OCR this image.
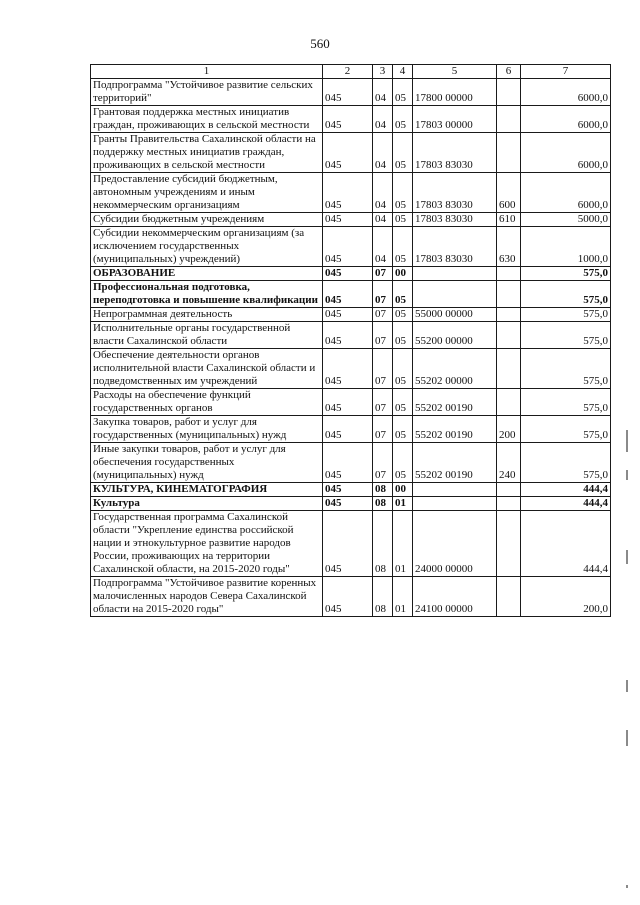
560
1	2	3	4	5	6	7
Подпрограмма "Устойчивое развитие сельских территорий"	045	04	05	17800 00000		6000,0
Грантовая поддержка местных инициатив граждан, проживающих в сельской местности	045	04	05	17803 00000		6000,0
Гранты Правительства Сахалинской области на поддержку местных инициатив граждан, проживающих в сельской местности	045	04	05	17803 83030		6000,0
Предоставление субсидий бюджетным, автономным учреждениям и иным некоммерческим организациям	045	04	05	17803 83030	600	6000,0
Субсидии бюджетным учреждениям	045	04	05	17803 83030	610	5000,0
Субсидии некоммерческим организациям (за исключением государственных (муниципальных) учреждений)	045	04	05	17803 83030	630	1000,0
ОБРАЗОВАНИЕ	045	07	00			575,0
Профессиональная подготовка, переподготовка и повышение квалификации	045	07	05			575,0
Непрограммная деятельность	045	07	05	55000 00000		575,0
Исполнительные органы государственной власти Сахалинской области	045	07	05	55200 00000		575,0
Обеспечение деятельности органов исполнительной власти Сахалинской области и подведомственных им учреждений	045	07	05	55202 00000		575,0
Расходы на обеспечение функций государственных органов	045	07	05	55202 00190		575,0
Закупка товаров, работ и услуг для государственных (муниципальных) нужд	045	07	05	55202 00190	200	575,0
Иные закупки товаров, работ и услуг для обеспечения государственных (муниципальных) нужд	045	07	05	55202 00190	240	575,0
КУЛЬТУРА, КИНЕМАТОГРАФИЯ	045	08	00			444,4
Культура	045	08	01			444,4
Государственная программа Сахалинской области "Укрепление единства российской нации и этнокультурное развитие народов России, проживающих на территории Сахалинской области, на 2015-2020 годы"	045	08	01	24000 00000		444,4
Подпрограмма "Устойчивое развитие коренных малочисленных народов Севера Сахалинской области на 2015-2020 годы"	045	08	01	24100 00000		200,0
